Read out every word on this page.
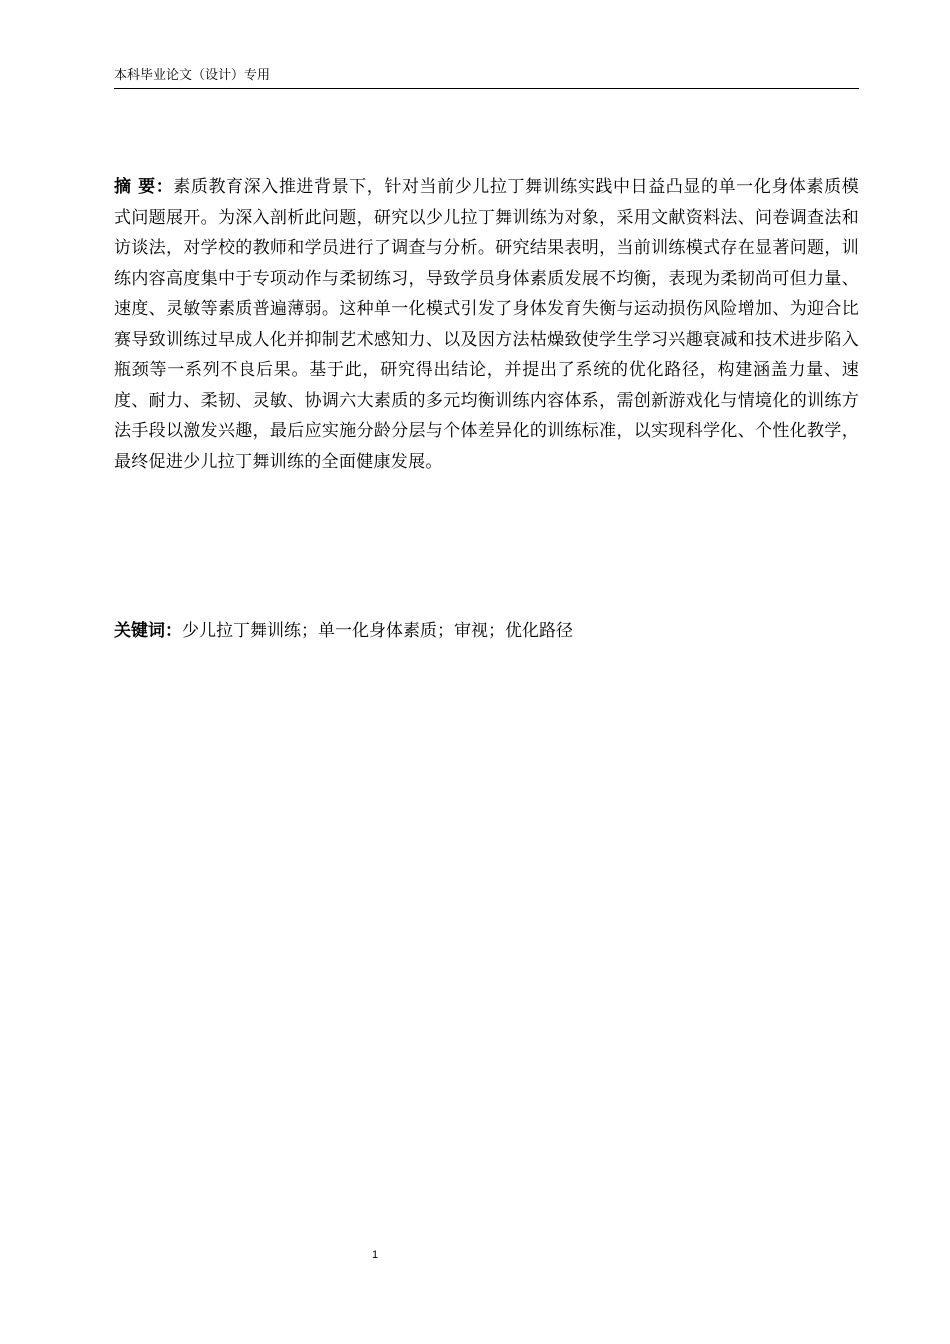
本科毕业论文（设计）专用
摘 要：素质教育深入推进背景下，针对当前少儿拉丁舞训练实践中日益凸显的单一化身体素质模式问题展开。为深入剖析此问题，研究以少儿拉丁舞训练为对象，采用文献资料法、问卷调查法和访谈法，对学校的教师和学员进行了调查与分析。研究结果表明，当前训练模式存在显著问题，训练内容高度集中于专项动作与柔韧练习，导致学员身体素质发展不均衡，表现为柔韧尚可但力量、速度、灵敏等素质普遍薄弱。这种单一化模式引发了身体发育失衡与运动损伤风险增加、为迎合比赛导致训练过早成人化并抑制艺术感知力、以及因方法枯燥致使学生学习兴趣衰减和技术进步陷入瓶颈等一系列不良后果。基于此，研究得出结论，并提出了系统的优化路径，构建涵盖力量、速度、耐力、柔韧、灵敏、协调六大素质的多元均衡训练内容体系，需创新游戏化与情境化的训练方法手段以激发兴趣，最后应实施分龄分层与个体差异化的训练标准，以实现科学化、个性化教学，最终促进少儿拉丁舞训练的全面健康发展。
关键词：少儿拉丁舞训练；单一化身体素质；审视；优化路径
1
